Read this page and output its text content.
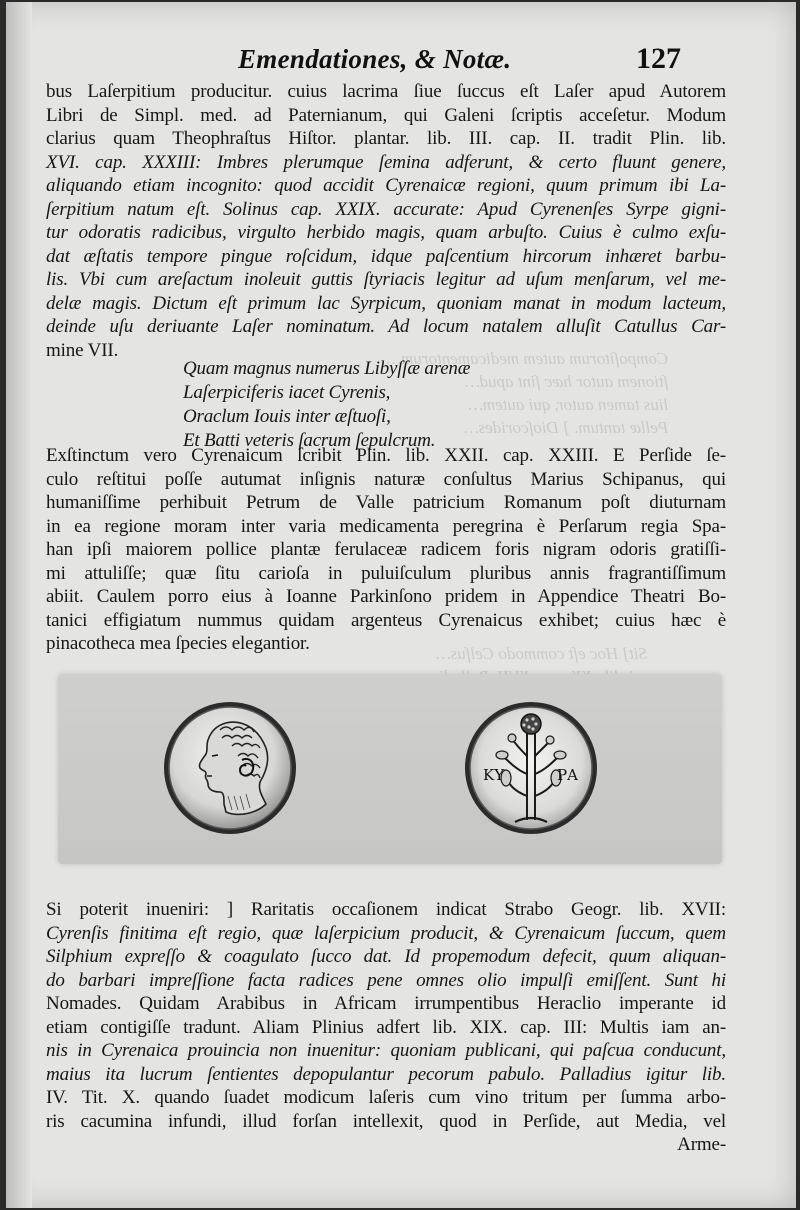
Compoſitorum autem medicamentorum…
ſtionem autor hæc ſint apud…
lius tamen autor, qui autem…
Pellæ tantum. ] Dioſcorides…
Sit] Hoc eſt commodo Celſus…

Emendationes, & Notæ.	127
bus Laſerpitium producitur. cuius lacrima ſiue ſuccus eſt Laſer apud Autorem
Libri de Simpl. med. ad Paternianum, qui Galeni ſcriptis acceſetur. Modum
clarius quam Theophraſtus Hiſtor. plantar. lib. III. cap. II. tradit Plin. lib.
XVI. cap. XXXIII: Imbres plerumque ſemina adferunt, & certo fluunt genere,
aliquando etiam incognito: quod accidit Cyrenaicæ regioni, quum primum ibi La-
ſerpitium natum eſt. Solinus cap. XXIX. accurate: Apud Cyrenenſes Syrpe gigni-
tur odoratis radicibus, virgulto herbido magis, quam arbuſto. Cuius è culmo exſu-
dat æſtatis tempore pingue roſcidum, idque paſcentium hircorum inhæret barbu-
lis. Vbi cum areſactum inoleuit guttis ſtyriacis legitur ad uſum menſarum, vel me-
delæ magis. Dictum eſt primum lac Syrpicum, quoniam manat in modum lacteum,
deinde uſu deriuante Laſer nominatum. Ad locum natalem alluſit Catullus Car-
mine VII.
Quam magnus numerus Libyſſæ arenæ
Laſerpiciferis iacet Cyrenis,
Oraclum Iouis inter æſtuoſi,
Et Batti veteris ſacrum ſepulcrum.
Exſtinctum vero Cyrenaicum ſcribit Plin. lib. XXII. cap. XXIII. E Perſide ſe-
culo reſtitui poſſe autumat inſignis naturæ conſultus Marius Schipanus, qui
humaniſſime perhibuit Petrum de Valle patricium Romanum poſt diuturnam
in ea regione moram inter varia medicamenta peregrina è Perſarum regia Spa-
han ipſi maiorem pollice plantæ ferulaceæ radicem foris nigram odoris gratiſſi-
mi attuliſſe; quæ ſitu carioſa in puluiſculum pluribus annis fragrantiſſimum
abiit. Caulem porro eius à Ioanne Parkinſono pridem in Appendice Theatri Bo-
tanici effigiatum nummus quidam argenteus Cyrenaicus exhibet; cuius hæc è
pinacotheca mea ſpecies elegantior.
ΚΥ	ΡΑ
Si poterit inueniri: ] Raritatis occaſionem indicat Strabo Geogr. lib. XVII:
Cyrenſis finitima eſt regio, quæ laſerpicium producit, & Cyrenaicum ſuccum, quem
Silphium expreſſo & coagulato ſucco dat. Id propemodum defecit, quum aliquan-
do barbari impreſſione facta radices pene omnes olio impulſi emiſſent. Sunt hi
Nomades. Quidam Arabibus in Africam irrumpentibus Heraclio imperante id
etiam contigiſſe tradunt. Aliam Plinius adfert lib. XIX. cap. III: Multis iam an-
nis in Cyrenaica prouincia non inuenitur: quoniam publicani, qui paſcua conducunt,
maius ita lucrum ſentientes depopulantur pecorum pabulo. Palladius igitur lib.
IV. Tit. X. quando ſuadet modicum laſeris cum vino tritum per ſumma arbo-
ris cacumina infundi, illud forſan intellexit, quod in Perſide, aut Media, vel
Arme-
